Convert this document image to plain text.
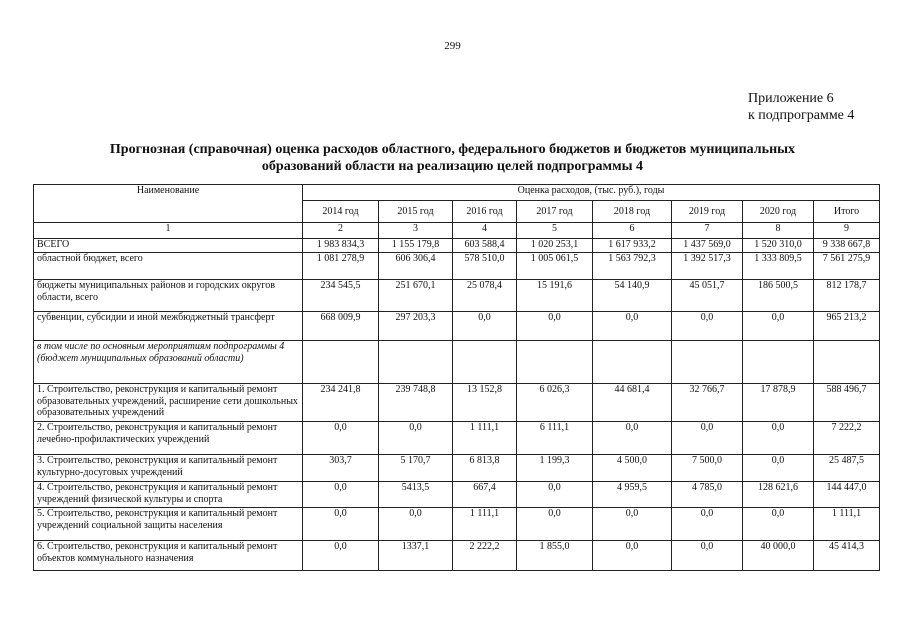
299
Приложение 6
к подпрограмме 4
Прогнозная (справочная) оценка расходов областного, федерального бюджетов и бюджетов муниципальных
образований области на реализацию целей подпрограммы 4
Наименование	Оценка расходов, (тыс. руб.), годы							
	2014 год	2015 год	2016 год	2017 год	2018 год	2019 год	2020 год	Итого
1	2	3	4	5	6	7	8	9
ВСЕГО	1 983 834,3	1 155 179,8	603 588,4	1 020 253,1	1 617 933,2	1 437 569,0	1 520 310,0	9 338 667,8
областной бюджет, всего	1 081 278,9	606 306,4	578 510,0	1 005 061,5	1 563 792,3	1 392 517,3	1 333 809,5	7 561 275,9
бюджеты муниципальных районов и городских округов области, всего	234 545,5	251 670,1	25 078,4	15 191,6	54 140,9	45 051,7	186 500,5	812 178,7
субвенции, субсидии и иной межбюджетный трансферт	668 009,9	297 203,3	0,0	0,0	0,0	0,0	0,0	965 213,2
в том числе по основным мероприятиям подпрограммы 4 (бюджет муниципальных образований области)								
1. Строительство, реконструкция и капитальный ремонт образовательных учреждений, расширение сети дошкольных образовательных учреждений	234 241,8	239 748,8	13 152,8	6 026,3	44 681,4	32 766,7	17 878,9	588 496,7
2. Строительство, реконструкция и капитальный ремонт лечебно-профилактических учреждений	0,0	0,0	1 111,1	6 111,1	0,0	0,0	0,0	7 222,2
3. Строительство, реконструкция и капитальный ремонт культурно-досуговых учреждений	303,7	5 170,7	6 813,8	1 199,3	4 500,0	7 500,0	0,0	25 487,5
4. Строительство, реконструкция и капитальный ремонт учреждений физической культуры и спорта	0,0	5413,5	667,4	0,0	4 959,5	4 785,0	128 621,6	144 447,0
5. Строительство, реконструкция и капитальный ремонт учреждений социальной защиты населения	0,0	0,0	1 111,1	0,0	0,0	0,0	0,0	1 111,1
6. Строительство, реконструкция и капитальный ремонт объектов коммунального назначения	0,0	1337,1	2 222,2	1 855,0	0,0	0,0	40 000,0	45 414,3
